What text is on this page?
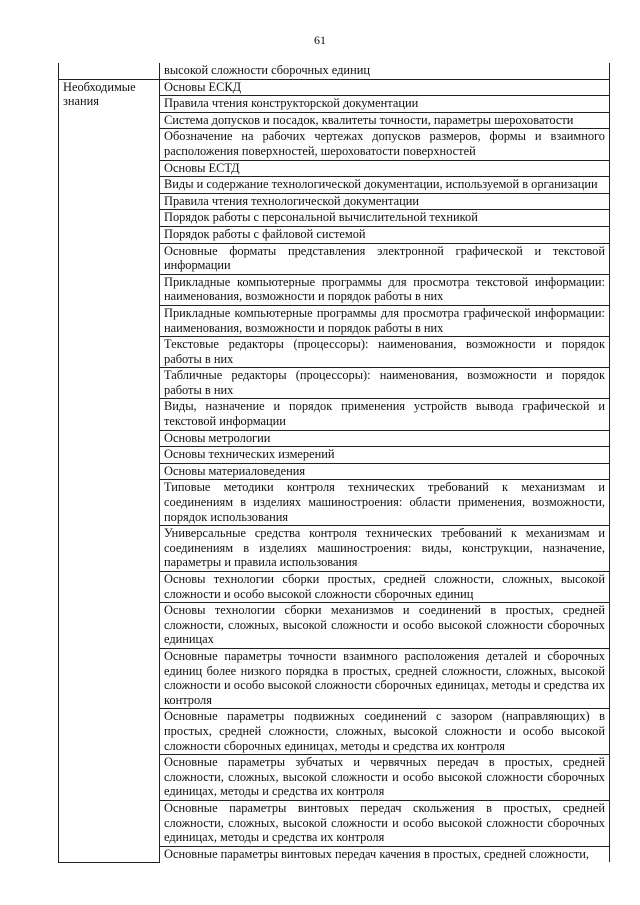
61
	высокой сложности сборочных единиц
Необходимые знания	Основы ЕСКД
	Правила чтения конструкторской документации
	Система допусков и посадок, квалитеты точности, параметры шероховатости
	Обозначение на рабочих чертежах допусков размеров, формы и взаимного расположения поверхностей, шероховатости поверхностей
	Основы ЕСТД
	Виды и содержание технологической документации, используемой в организации
	Правила чтения технологической документации
	Порядок работы с персональной вычислительной техникой
	Порядок работы с файловой системой
	Основные форматы представления электронной графической и текстовой информации
	Прикладные компьютерные программы для просмотра текстовой информации: наименования, возможности и порядок работы в них
	Прикладные компьютерные программы для просмотра графической информации: наименования, возможности и порядок работы в них
	Текстовые редакторы (процессоры): наименования, возможности и порядок работы в них
	Табличные редакторы (процессоры): наименования, возможности и порядок работы в них
	Виды, назначение и порядок применения устройств вывода графической и текстовой информации
	Основы метрологии
	Основы технических измерений
	Основы материаловедения
	Типовые методики контроля технических требований к механизмам и соединениям в изделиях машиностроения: области применения, возможности, порядок использования
	Универсальные средства контроля технических требований к механизмам и соединениям в изделиях машиностроения: виды, конструкции, назначение, параметры и правила использования
	Основы технологии сборки простых, средней сложности, сложных, высокой сложности и особо высокой сложности сборочных единиц
	Основы технологии сборки механизмов и соединений в простых, средней сложности, сложных, высокой сложности и особо высокой сложности сборочных единицах
	Основные параметры точности взаимного расположения деталей и сборочных единиц более низкого порядка в простых, средней сложности, сложных, высокой сложности и особо высокой сложности сборочных единицах, методы и средства их контроля
	Основные параметры подвижных соединений с зазором (направляющих) в простых, средней сложности, сложных, высокой сложности и особо высокой сложности сборочных единицах, методы и средства их контроля
	Основные параметры зубчатых и червячных передач в простых, средней сложности, сложных, высокой сложности и особо высокой сложности сборочных единицах, методы и средства их контроля
	Основные параметры винтовых передач скольжения в простых, средней сложности, сложных, высокой сложности и особо высокой сложности сборочных единицах, методы и средства их контроля
	Основные параметры винтовых передач качения в простых, средней сложности,
